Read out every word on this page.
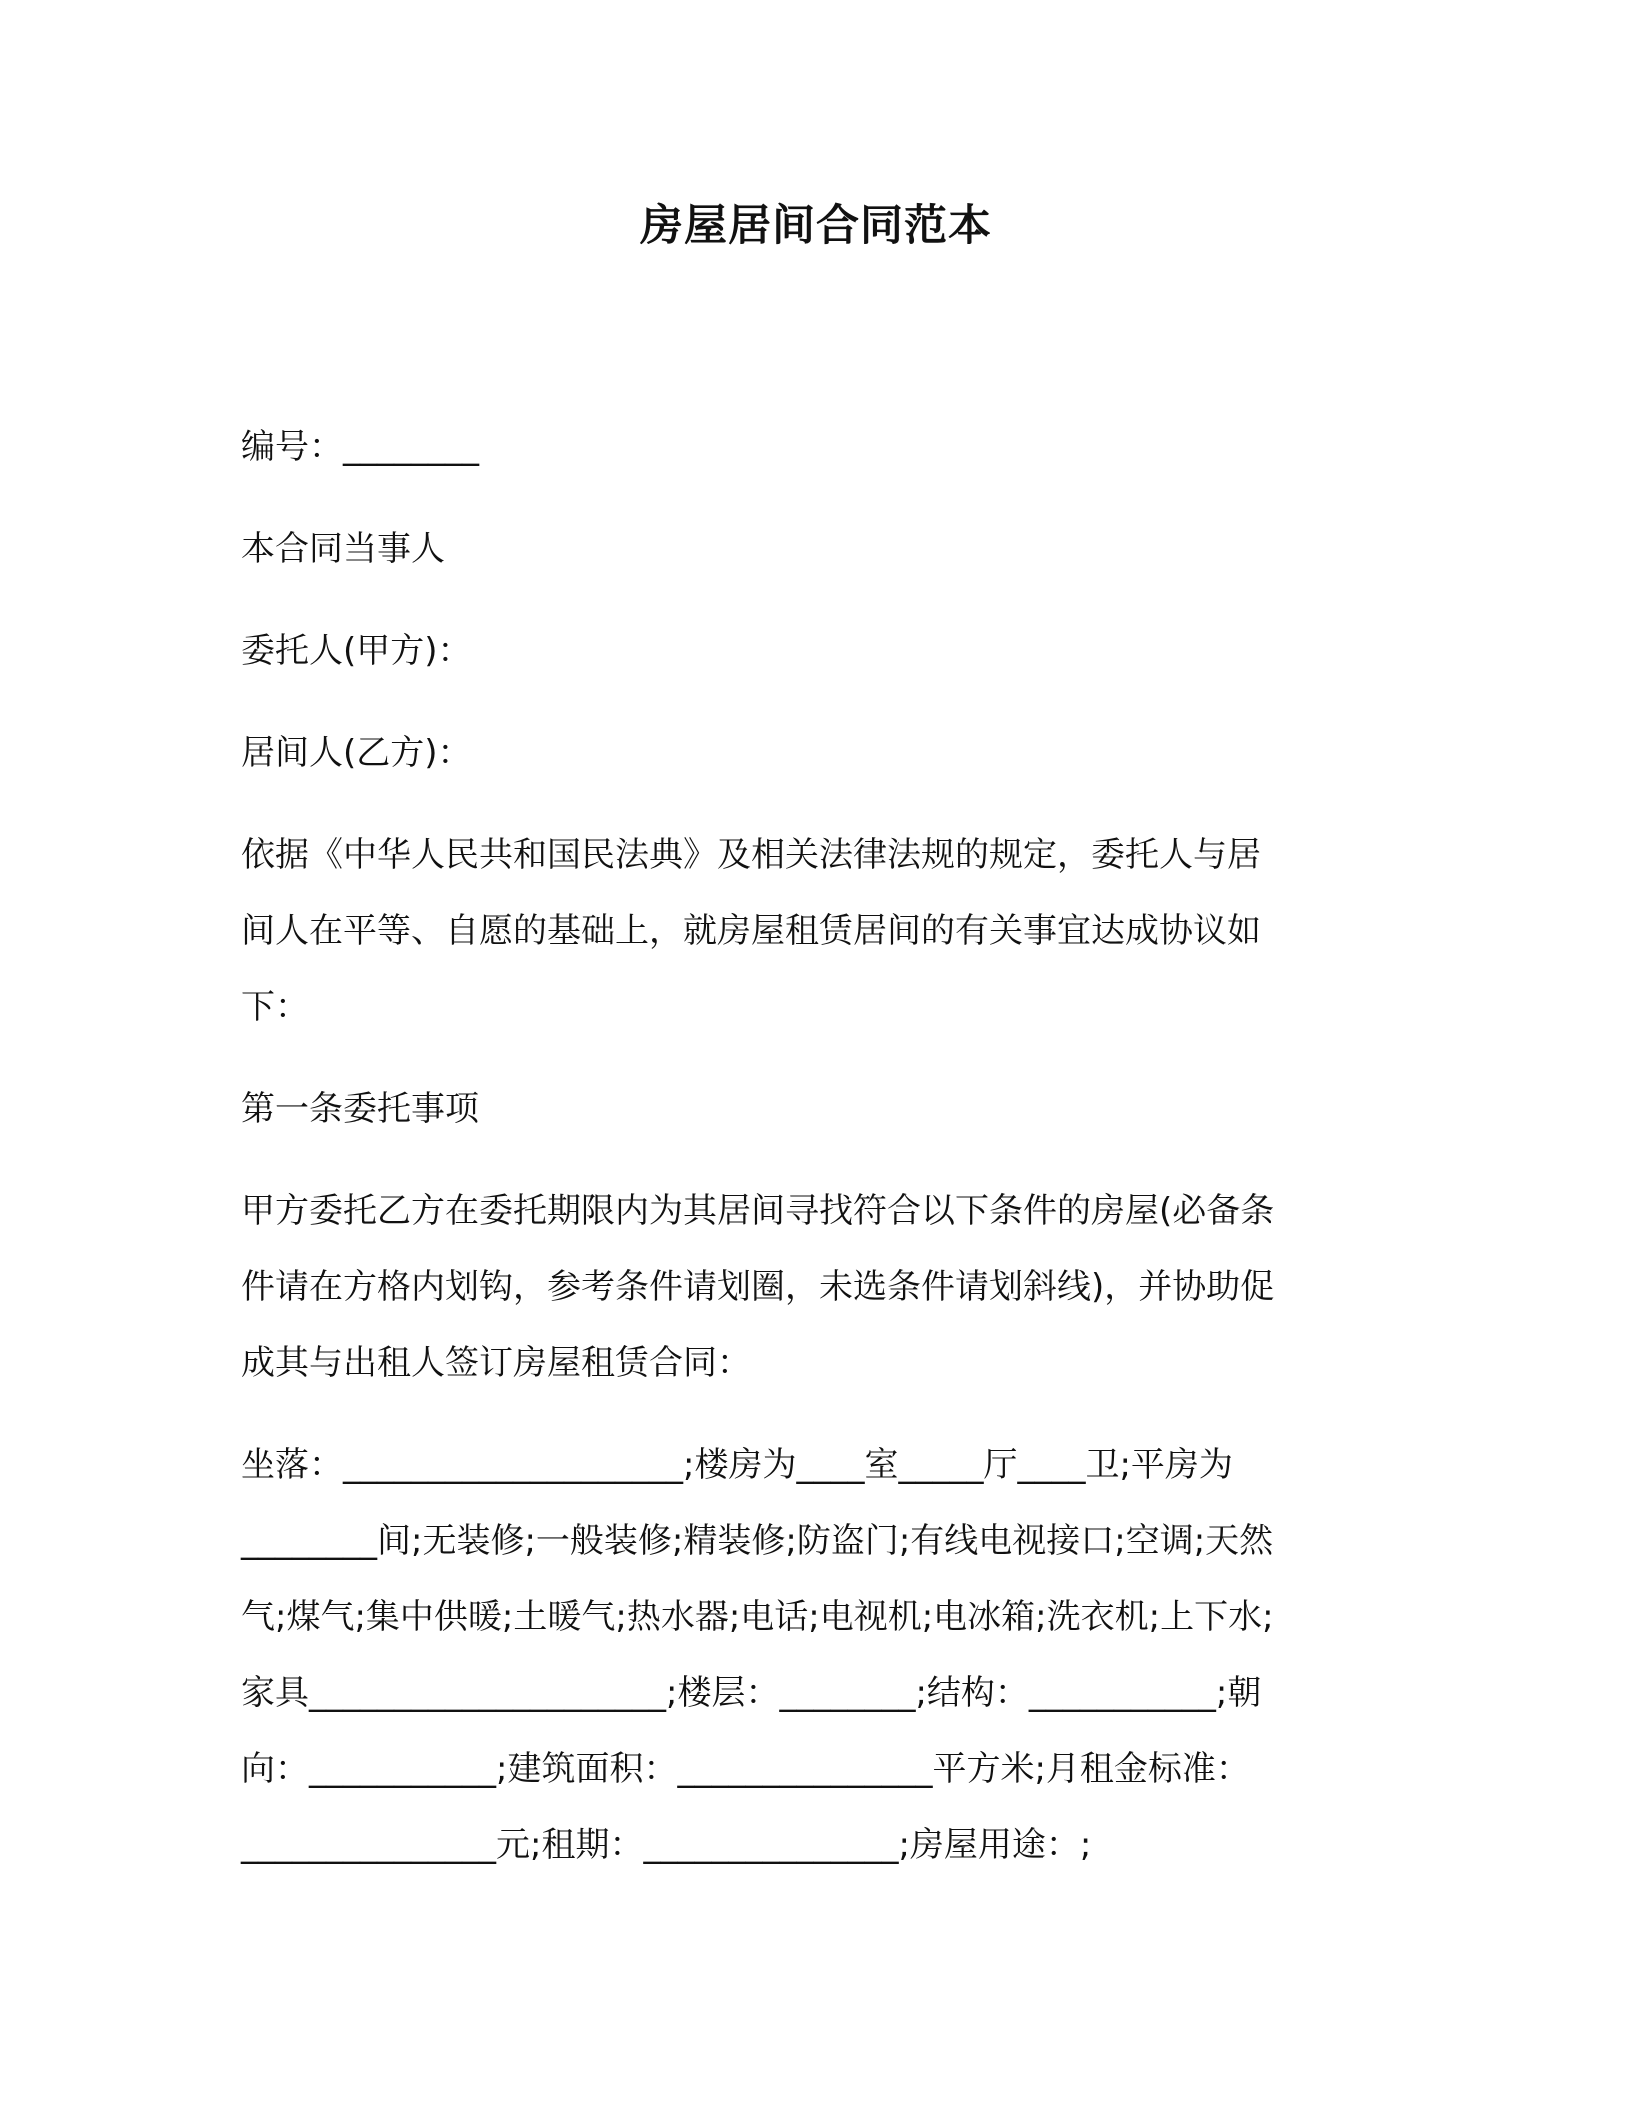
房屋居间合同范本

编号：________

本合同当事人

委托人(甲方)：

居间人(乙方)：

依据《中华人民共和国民法典》及相关法律法规的规定，委托人与居
间人在平等、自愿的基础上，就房屋租赁居间的有关事宜达成协议如
下：

第一条委托事项

甲方委托乙方在委托期限内为其居间寻找符合以下条件的房屋(必备条
件请在方格内划钩，参考条件请划圈，未选条件请划斜线)，并协助促
成其与出租人签订房屋租赁合同：
坐落：____________________;楼房为____室_____厅____卫;平房为
________间;无装修;一般装修;精装修;防盗门;有线电视接口;空调;天然
气;煤气;集中供暖;土暖气;热水器;电话;电视机;电冰箱;洗衣机;上下水;
家具_____________________;楼层：________;结构：___________;朝
向：___________;建筑面积：_______________平方米;月租金标准：
_______________元;租期：_______________;房屋用途：;
